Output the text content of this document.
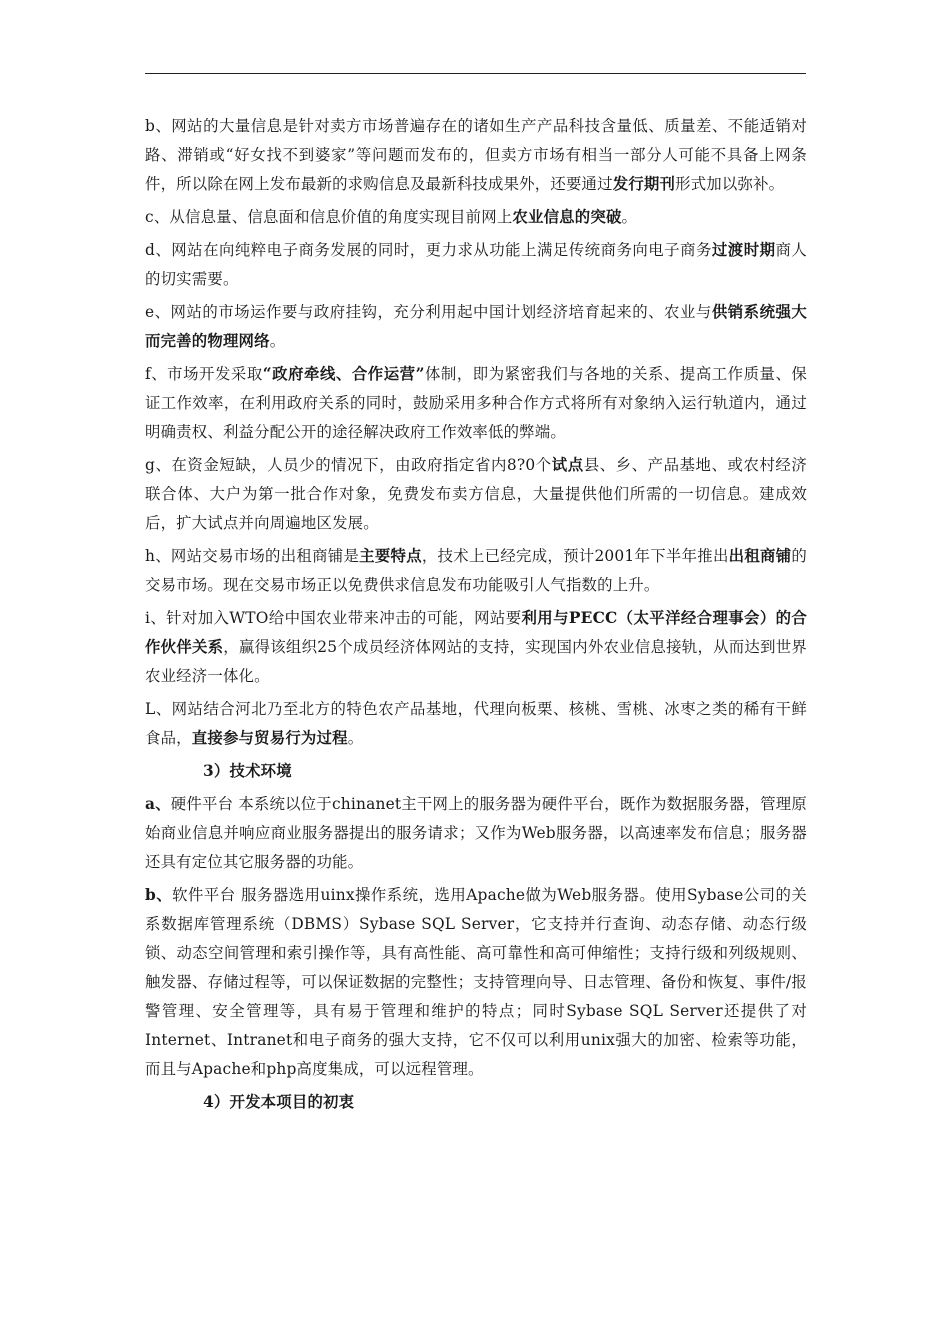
b、网站的大量信息是针对卖方市场普遍存在的诸如生产产品科技含量低、质量差、不能适销对路、滞销或“好女找不到婆家”等问题而发布的，但卖方市场有相当一部分人可能不具备上网条件，所以除在网上发布最新的求购信息及最新科技成果外，还要通过发行期刊形式加以弥补。

c、从信息量、信息面和信息价值的角度实现目前网上农业信息的突破。

d、网站在向纯粹电子商务发展的同时，更力求从功能上满足传统商务向电子商务过渡时期商人的切实需要。

e、网站的市场运作要与政府挂钩，充分利用起中国计划经济培育起来的、农业与供销系统强大而完善的物理网络。

f、市场开发采取“政府牵线、合作运营”体制，即为紧密我们与各地的关系、提高工作质量、保证工作效率，在利用政府关系的同时，鼓励采用多种合作方式将所有对象纳入运行轨道内，通过明确责权、利益分配公开的途径解决政府工作效率低的弊端。

g、在资金短缺，人员少的情况下，由政府指定省内8?0个试点县、乡、产品基地、或农村经济联合体、大户为第一批合作对象，免费发布卖方信息，大量提供他们所需的一切信息。建成效后，扩大试点并向周遍地区发展。

h、网站交易市场的出租商铺是主要特点，技术上已经完成，预计2001年下半年推出出租商铺的交易市场。现在交易市场正以免费供求信息发布功能吸引人气指数的上升。

i、针对加入WTO给中国农业带来冲击的可能，网站要利用与PECC（太平洋经合理事会）的合作伙伴关系，赢得该组织25个成员经济体网站的支持，实现国内外农业信息接轨，从而达到世界农业经济一体化。

L、网站结合河北乃至北方的特色农产品基地，代理向板栗、核桃、雪桃、冰枣之类的稀有干鲜食品，直接参与贸易行为过程。

3）技术环境

a、硬件平台 本系统以位于chinanet主干网上的服务器为硬件平台，既作为数据服务器，管理原始商业信息并响应商业服务器提出的服务请求；又作为Web服务器，以高速率发布信息；服务器还具有定位其它服务器的功能。

b、软件平台 服务器选用uinx操作系统，选用Apache做为Web服务器。使用Sybase公司的关系数据库管理系统（DBMS）Sybase SQL Server，它支持并行查询、动态存储、动态行级锁、动态空间管理和索引操作等，具有高性能、高可靠性和高可伸缩性；支持行级和列级规则、触发器、存储过程等，可以保证数据的完整性；支持管理向导、日志管理、备份和恢复、事件/报警管理、安全管理等，具有易于管理和维护的特点；同时Sybase SQL Server还提供了对Internet、Intranet和电子商务的强大支持，它不仅可以利用unix强大的加密、检索等功能，而且与Apache和php高度集成，可以远程管理。

4）开发本项目的初衷
